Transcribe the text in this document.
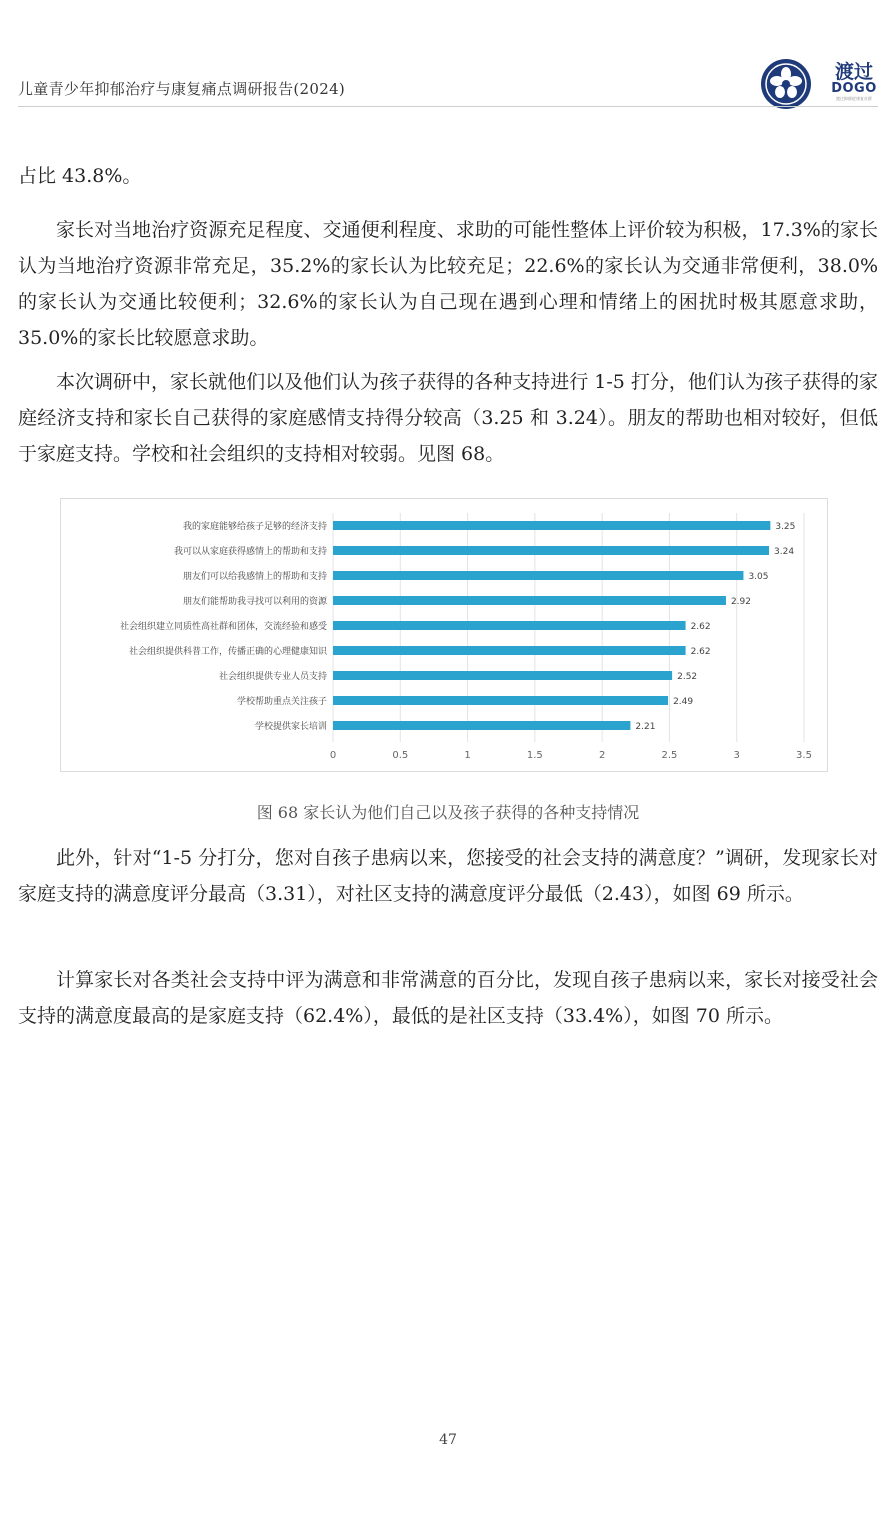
儿童青少年抑郁治疗与康复痛点调研报告(2024)
渡过
DOGO
渡过抑郁症康复社群

占比 43.8%。

家长对当地治疗资源充足程度、交通便利程度、求助的可能性整体上评价较为积极，17.3%的家长认为当地治疗资源非常充足，35.2%的家长认为比较充足；22.6%的家长认为交通非常便利，38.0%的家长认为交通比较便利；32.6%的家长认为自己现在遇到心理和情绪上的困扰时极其愿意求助，35.0%的家长比较愿意求助。

本次调研中，家长就他们以及他们认为孩子获得的各种支持进行 1-5 打分，他们认为孩子获得的家庭经济支持和家长自己获得的家庭感情支持得分较高（3.25 和 3.24）。朋友的帮助也相对较好，但低于家庭支持。学校和社会组织的支持相对较弱。见图 68。

0	0.5	1	1.5	2	2.5	3	3.5
我的家庭能够给孩子足够的经济支持	3.25
我可以从家庭获得感情上的帮助和支持	3.24
朋友们可以给我感情上的帮助和支持	3.05
朋友们能帮助我寻找可以利用的资源	2.92
社会组织建立同质性高社群和团体，交流经验和感受	2.62
社会组织提供科普工作，传播正确的心理健康知识	2.62
社会组织提供专业人员支持	2.52
学校帮助重点关注孩子	2.49
学校提供家长培训	2.21
图 68 家长认为他们自己以及孩子获得的各种支持情况

此外，针对“1-5 分打分，您对自孩子患病以来，您接受的社会支持的满意度？”调研，发现家长对家庭支持的满意度评分最高（3.31），对社区支持的满意度评分最低（2.43），如图 69 所示。

计算家长对各类社会支持中评为满意和非常满意的百分比，发现自孩子患病以来，家长对接受社会支持的满意度最高的是家庭支持（62.4%），最低的是社区支持（33.4%），如图 70 所示。

47
